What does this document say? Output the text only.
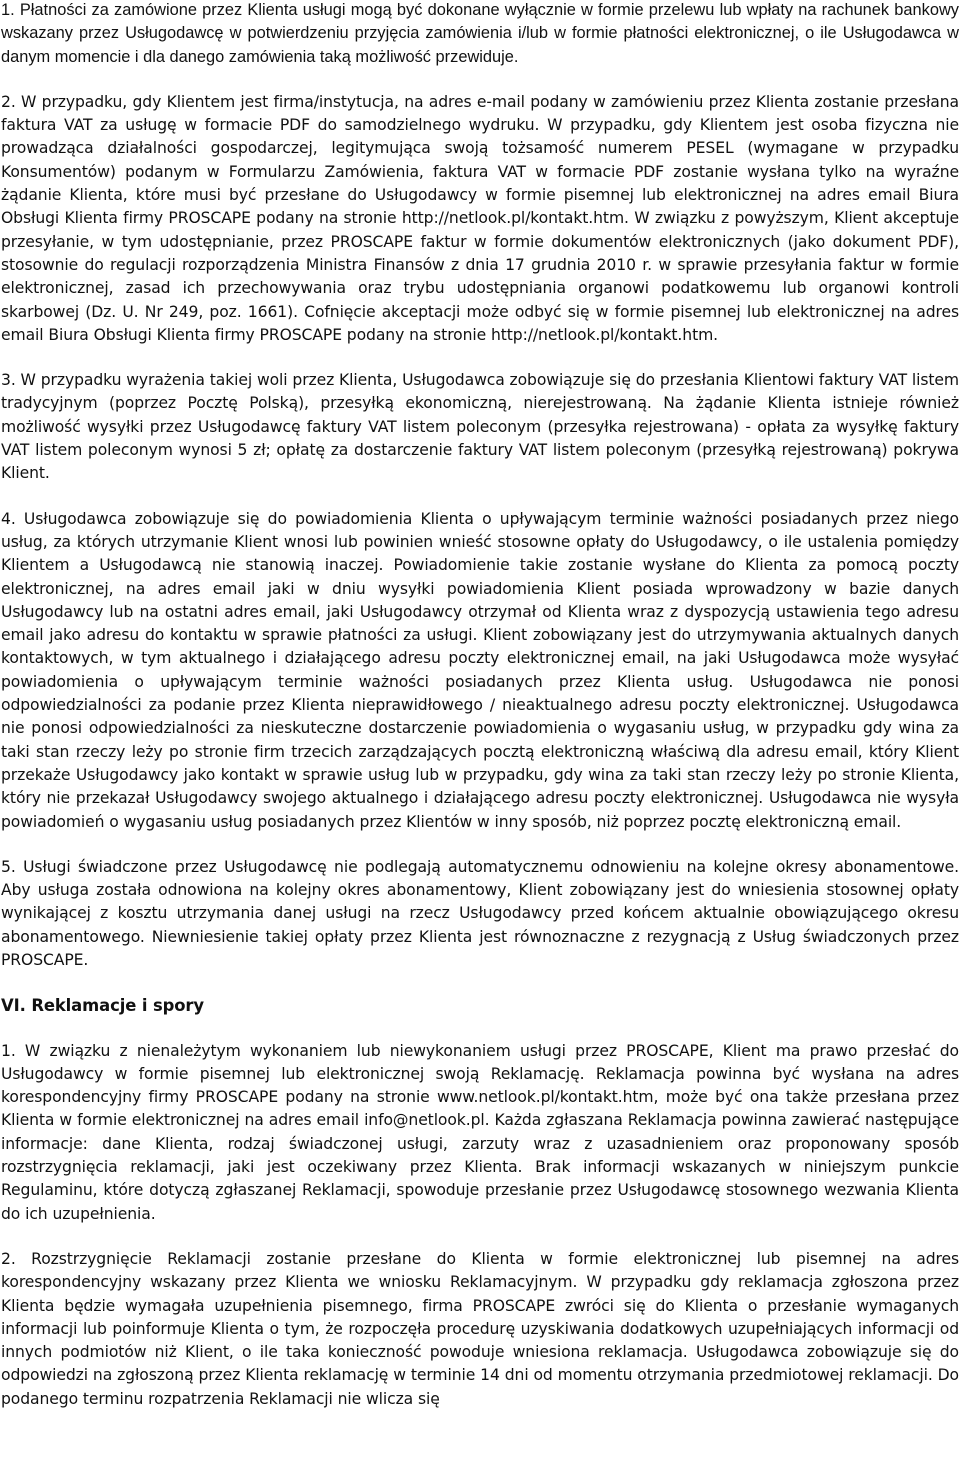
1. Płatności za zamówione przez Klienta usługi mogą być dokonane wyłącznie w formie przelewu lub wpłaty na rachunek bankowy wskazany przez Usługodawcę w potwierdzeniu przyjęcia zamówienia i/lub w formie płatności elektronicznej, o ile Usługodawca w danym momencie i dla danego zamówienia taką możliwość przewiduje.

2. W przypadku, gdy Klientem jest firma/instytucja, na adres e-mail podany w zamówieniu przez Klienta zostanie przesłana faktura VAT za usługę w formacie PDF do samodzielnego wydruku. W przypadku, gdy Klientem jest osoba fizyczna nie prowadząca działalności gospodarczej, legitymująca swoją tożsamość numerem PESEL (wymagane w przypadku Konsumentów) podanym w Formularzu Zamówienia, faktura VAT w formacie PDF zostanie wysłana tylko na wyraźne żądanie Klienta, które musi być przesłane do Usługodawcy w formie pisemnej lub elektronicznej na adres email Biura Obsługi Klienta firmy PROSCAPE podany na stronie http://netlook.pl/kontakt.htm. W związku z powyższym, Klient akceptuje przesyłanie, w tym udostępnianie, przez PROSCAPE faktur w formie dokumentów elektronicznych (jako dokument PDF), stosownie do regulacji rozporządzenia Ministra Finansów z dnia 17 grudnia 2010 r. w sprawie przesyłania faktur w formie elektronicznej, zasad ich przechowywania oraz trybu udostępniania organowi podatkowemu lub organowi kontroli skarbowej (Dz. U. Nr 249, poz. 1661). Cofnięcie akceptacji może odbyć się w formie pisemnej lub elektronicznej na adres email Biura Obsługi Klienta firmy PROSCAPE podany na stronie http://netlook.pl/kontakt.htm.

3. W przypadku wyrażenia takiej woli przez Klienta, Usługodawca zobowiązuje się do przesłania Klientowi faktury VAT listem tradycyjnym (poprzez Pocztę Polską), przesyłką ekonomiczną, nierejestrowaną. Na żądanie Klienta istnieje również możliwość wysyłki przez Usługodawcę faktury VAT listem poleconym (przesyłka rejestrowana) - opłata za wysyłkę faktury VAT listem poleconym wynosi 5 zł; opłatę za dostarczenie faktury VAT listem poleconym (przesyłką rejestrowaną) pokrywa Klient.

4. Usługodawca zobowiązuje się do powiadomienia Klienta o upływającym terminie ważności posiadanych przez niego usług, za których utrzymanie Klient wnosi lub powinien wnieść stosowne opłaty do Usługodawcy, o ile ustalenia pomiędzy Klientem a Usługodawcą nie stanowią inaczej. Powiadomienie takie zostanie wysłane do Klienta za pomocą poczty elektronicznej, na adres email jaki w dniu wysyłki powiadomienia Klient posiada wprowadzony w bazie danych Usługodawcy lub na ostatni adres email, jaki Usługodawcy otrzymał od Klienta wraz z dyspozycją ustawienia tego adresu email jako adresu do kontaktu w sprawie płatności za usługi. Klient zobowiązany jest do utrzymywania aktualnych danych kontaktowych, w tym aktualnego i działającego adresu poczty elektronicznej email, na jaki Usługodawca może wysyłać powiadomienia o upływającym terminie ważności posiadanych przez Klienta usług. Usługodawca nie ponosi odpowiedzialności za podanie przez Klienta nieprawidłowego / nieaktualnego adresu poczty elektronicznej. Usługodawca nie ponosi odpowiedzialności za nieskuteczne dostarczenie powiadomienia o wygasaniu usług, w przypadku gdy wina za taki stan rzeczy leży po stronie firm trzecich zarządzających pocztą elektroniczną właściwą dla adresu email, który Klient przekaże Usługodawcy jako kontakt w sprawie usług lub w przypadku, gdy wina za taki stan rzeczy leży po stronie Klienta, który nie przekazał Usługodawcy swojego aktualnego i działającego adresu poczty elektronicznej. Usługodawca nie wysyła powiadomień o wygasaniu usług posiadanych przez Klientów w inny sposób, niż poprzez pocztę elektroniczną email.

5. Usługi świadczone przez Usługodawcę nie podlegają automatycznemu odnowieniu na kolejne okresy abonamentowe. Aby usługa została odnowiona na kolejny okres abonamentowy, Klient zobowiązany jest do wniesienia stosownej opłaty wynikającej z kosztu utrzymania danej usługi na rzecz Usługodawcy przed końcem aktualnie obowiązującego okresu abonamentowego. Niewniesienie takiej opłaty przez Klienta jest równoznaczne z rezygnacją z Usług świadczonych przez PROSCAPE.

VI. Reklamacje i spory

1. W związku z nienależytym wykonaniem lub niewykonaniem usługi przez PROSCAPE, Klient ma prawo przesłać do Usługodawcy w formie pisemnej lub elektronicznej swoją Reklamację. Reklamacja powinna być wysłana na adres korespondencyjny firmy PROSCAPE podany na stronie www.netlook.pl/kontakt.htm, może być ona także przesłana przez Klienta w formie elektronicznej na adres email info@netlook.pl. Każda zgłaszana Reklamacja powinna zawierać następujące informacje: dane Klienta, rodzaj świadczonej usługi, zarzuty wraz z uzasadnieniem oraz proponowany sposób rozstrzygnięcia reklamacji, jaki jest oczekiwany przez Klienta. Brak informacji wskazanych w niniejszym punkcie Regulaminu, które dotyczą zgłaszanej Reklamacji, spowoduje przesłanie przez Usługodawcę stosownego wezwania Klienta do ich uzupełnienia.

2. Rozstrzygnięcie Reklamacji zostanie przesłane do Klienta w formie elektronicznej lub pisemnej na adres korespondencyjny wskazany przez Klienta we wniosku Reklamacyjnym. W przypadku gdy reklamacja zgłoszona przez Klienta będzie wymagała uzupełnienia pisemnego, firma PROSCAPE zwróci się do Klienta o przesłanie wymaganych informacji lub poinformuje Klienta o tym, że rozpoczęła procedurę uzyskiwania dodatkowych uzupełniających informacji od innych podmiotów niż Klient, o ile taka konieczność powoduje wniesiona reklamacja. Usługodawca zobowiązuje się do odpowiedzi na zgłoszoną przez Klienta reklamację w terminie 14 dni od momentu otrzymania przedmiotowej reklamacji. Do podanego terminu rozpatrzenia Reklamacji nie wlicza się
